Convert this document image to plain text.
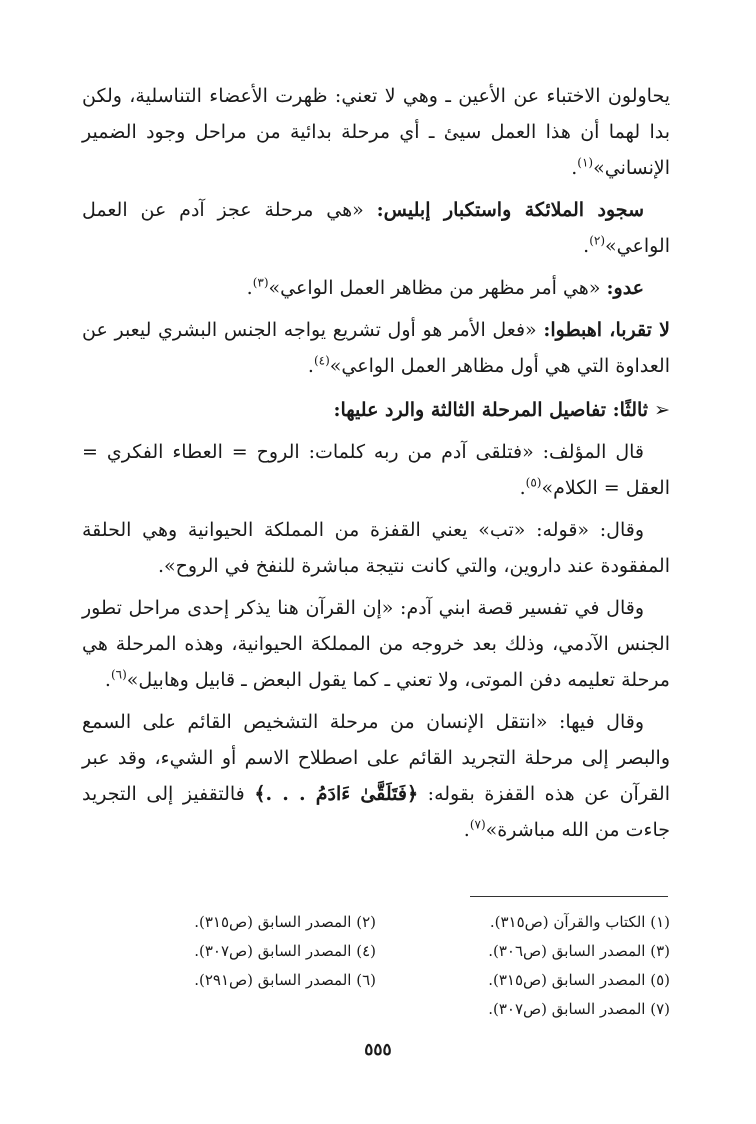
يحاولون الاختباء عن الأعين ـ وهي لا تعني: ظهرت الأعضاء التناسلية، ولكن بدا لهما أن هذا العمل سيئ ـ أي مرحلة بدائية من مراحل وجود الضمير الإنساني»$^{(١)}$.

سجود الملائكة واستكبار إبليس: «هي مرحلة عجز آدم عن العمل الواعي»$^{(٢)}$.

عدو: «هي أمر مظهر من مظاهر العمل الواعي»$^{(٣)}$.

لا تقربا، اهبطوا: «فعل الأمر هو أول تشريع يواجه الجنس البشري ليعبر عن العداوة التي هي أول مظاهر العمل الواعي»$^{(٤)}$.

➢ثالثًا: تفاصيل المرحلة الثالثة والرد عليها:

قال المؤلف: «فتلقى آدم من ربه كلمات: الروح = العطاء الفكري = العقل = الكلام»$^{(٥)}$.

وقال: «قوله: «تب» يعني القفزة من المملكة الحيوانية وهي الحلقة المفقودة عند داروين، والتي كانت نتيجة مباشرة للنفخ في الروح».

وقال في تفسير قصة ابني آدم: «إن القرآن هنا يذكر إحدى مراحل تطور الجنس الآدمي، وذلك بعد خروجه من المملكة الحيوانية، وهذه المرحلة هي مرحلة تعليمه دفن الموتى، ولا تعني ـ كما يقول البعض ـ قابيل وهابيل»$^{(٦)}$.

وقال فيها: «انتقل الإنسان من مرحلة التشخيص القائم على السمع والبصر إلى مرحلة التجريد القائم على اصطلاح الاسم أو الشيء، وقد عبر القرآن عن هذه القفزة بقوله: ﴿فَتَلَقَّىٰ ءَادَمُ . . .﴾ فالتقفيز إلى التجريد جاءت من الله مباشرة»$^{(٧)}$.

(١) الكتاب والقرآن (ص٣١٥).
(٢) المصدر السابق (ص٣١٥).
(٣) المصدر السابق (ص٣٠٦).
(٤) المصدر السابق (ص٣٠٧).
(٥) المصدر السابق (ص٣١٥).
(٦) المصدر السابق (ص٢٩١).
(٧) المصدر السابق (ص٣٠٧).
٥٥٥
